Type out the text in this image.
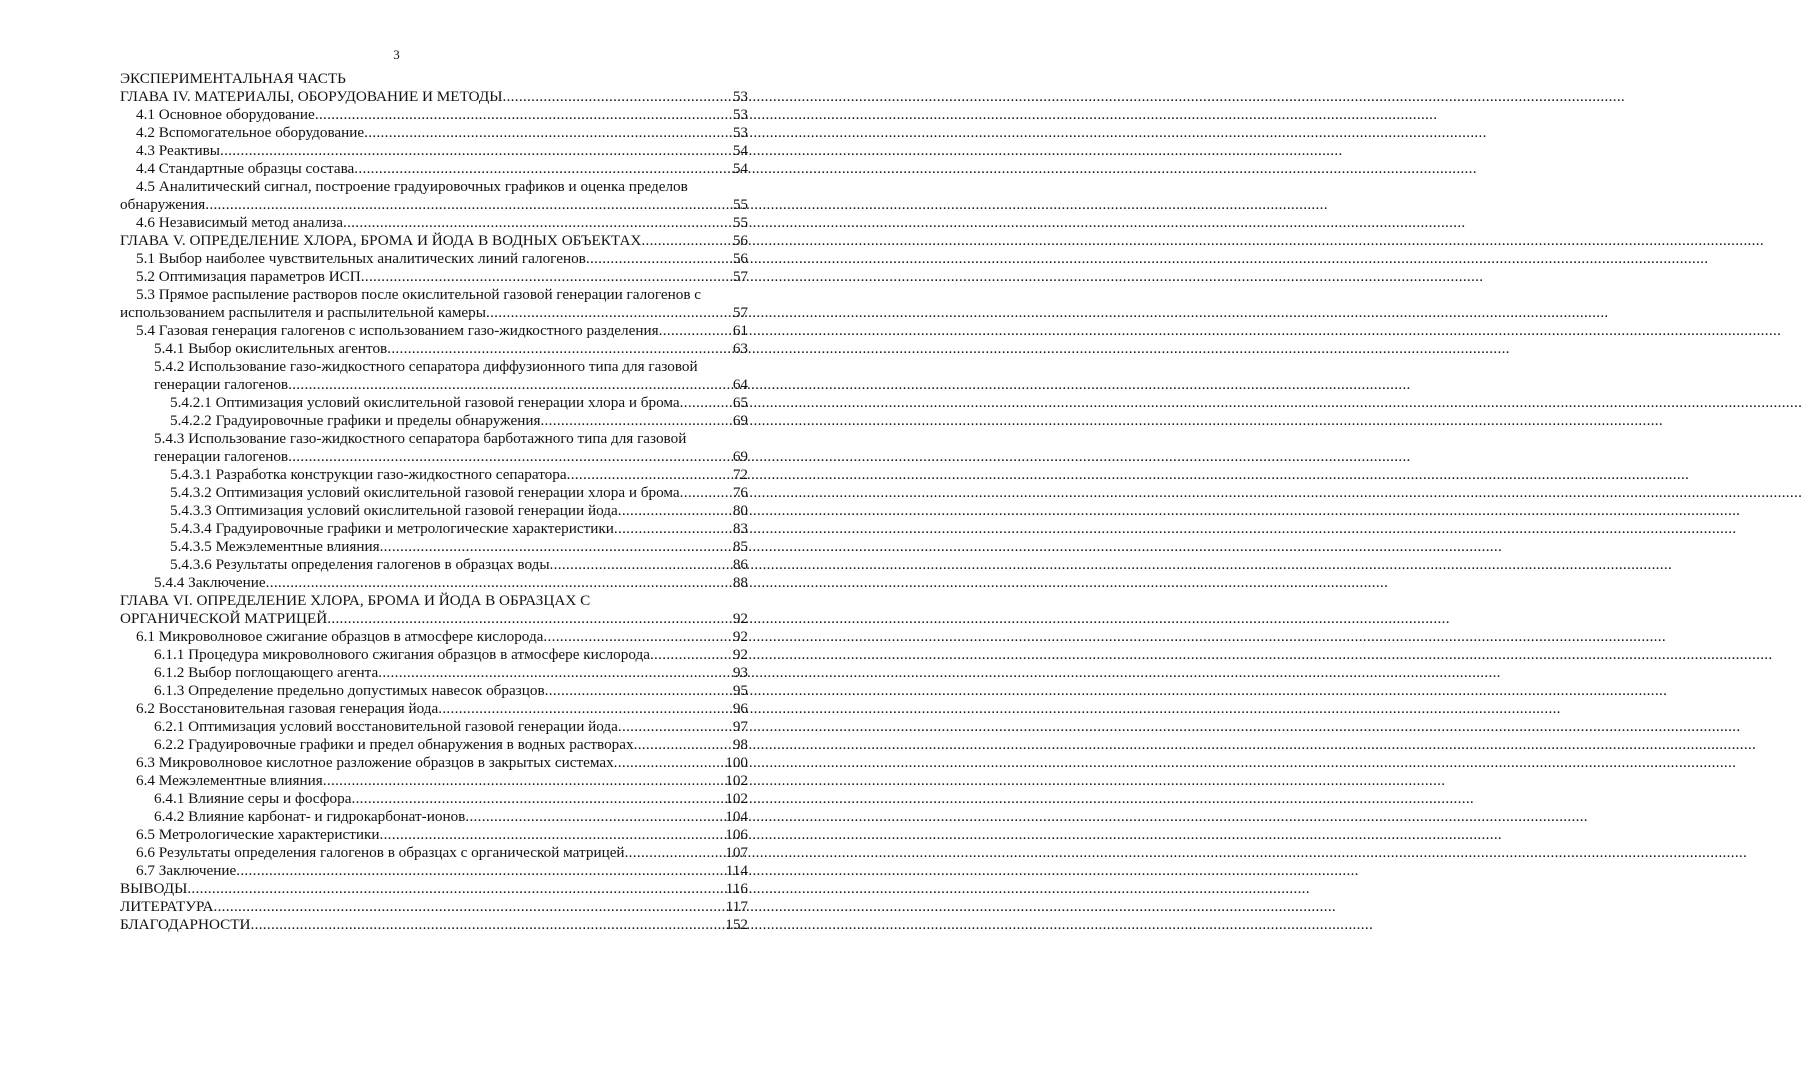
3
ЭКСПЕРИМЕНТАЛЬНАЯ ЧАСТЬ
ГЛАВА IV. МАТЕРИАЛЫ, ОБОРУДОВАНИЕ И МЕТОДЫ .....	53
4.1 Основное оборудование .....	53
4.2 Вспомогательное оборудование .....	53
4.3 Реактивы .....	54
4.4 Стандартные образцы состава .....	54
4.5 Аналитический сигнал, построение градуировочных графиков и оценка пределов
обнаружения .....	55
4.6 Независимый метод анализа .....	55
ГЛАВА V. ОПРЕДЕЛЕНИЕ ХЛОРА, БРОМА И ЙОДА В ВОДНЫХ ОБЪЕКТАХ .....	56
5.1 Выбор наиболее чувствительных аналитических линий галогенов .....	56
5.2 Оптимизация параметров ИСП .....	57
5.3 Прямое распыление растворов после окислительной газовой генерации галогенов с
использованием распылителя и распылительной камеры .....	57
5.4 Газовая генерация галогенов с использованием газо-жидкостного разделения .....	61
5.4.1 Выбор окислительных агентов .....	63
5.4.2 Использование газо-жидкостного сепаратора диффузионного типа для газовой
генерации галогенов .....	64
5.4.2.1 Оптимизация условий окислительной газовой генерации хлора и брома .....	65
5.4.2.2 Градуировочные графики и пределы обнаружения .....	69
5.4.3 Использование газо-жидкостного сепаратора барботажного типа для газовой
генерации галогенов .....	69
5.4.3.1 Разработка конструкции газо-жидкостного сепаратора .....	72
5.4.3.2 Оптимизация условий окислительной газовой генерации хлора и брома .....	76
5.4.3.3 Оптимизация условий окислительной газовой генерации йода .....	80
5.4.3.4 Градуировочные графики и метрологические характеристики .....	83
5.4.3.5 Межэлементные влияния .....	85
5.4.3.6 Результаты определения галогенов в образцах воды .....	86
5.4.4 Заключение .....	88
ГЛАВА VI. ОПРЕДЕЛЕНИЕ ХЛОРА, БРОМА И ЙОДА В ОБРАЗЦАХ С
ОРГАНИЧЕСКОЙ МАТРИЦЕЙ .....	92
6.1 Микроволновое сжигание образцов в атмосфере кислорода .....	92
6.1.1 Процедура микроволнового сжигания образцов в атмосфере кислорода .....	92
6.1.2 Выбор поглощающего агента .....	93
6.1.3 Определение предельно допустимых навесок образцов .....	95
6.2 Восстановительная газовая генерация йода .....	96
6.2.1 Оптимизация условий восстановительной газовой генерации йода .....	97
6.2.2 Градуировочные графики и предел обнаружения в водных растворах .....	98
6.3 Микроволновое кислотное разложение образцов в закрытых системах .....	100
6.4 Межэлементные влияния .....	102
6.4.1 Влияние серы и фосфора .....	102
6.4.2 Влияние карбонат- и гидрокарбонат-ионов .....	104
6.5 Метрологические характеристики .....	106
6.6 Результаты определения галогенов в образцах с органической матрицей .....	107
6.7 Заключение .....	114
ВЫВОДЫ .....	116
ЛИТЕРАТУРА .....	117
БЛАГОДАРНОСТИ .....	152
